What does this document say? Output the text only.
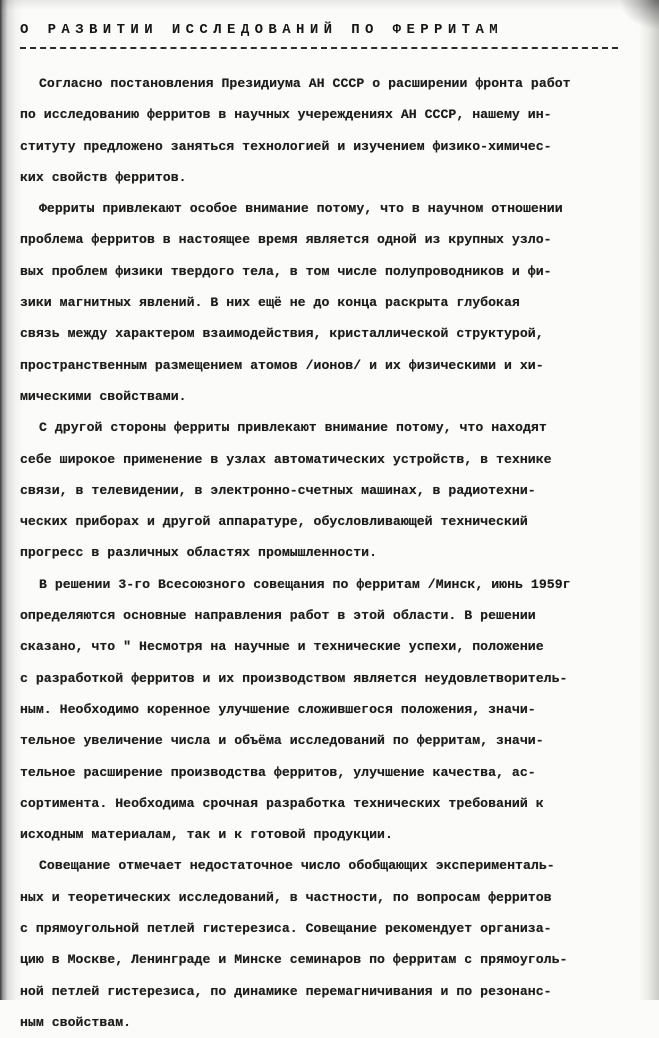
О РАЗВИТИИ ИССЛЕДОВАНИЙ ПО ФЕРРИТАМ
Согласно постановления Президиума АН СССР о расширении фронта работ
по исследованию ферритов в научных учереждениях АН СССР, нашему ин-
ституту предложено заняться технологией и изучением физико-химичес-
ких свойств ферритов.
Ферриты привлекают особое внимание потому, что в научном отношении
проблема ферритов в настоящее время является одной из крупных узло-
вых проблем физики твердого тела, в том числе полупроводников и фи-
зики магнитных явлений. В них ещё не до конца раскрыта глубокая
связь между характером взаимодействия, кристаллической структурой,
пространственным размещением атомов /ионов/ и их физическими и хи-
мическими свойствами.
С другой стороны ферриты привлекают внимание потому, что находят
себе широкое применение в узлах автоматических устройств, в технике
связи, в телевидении, в электронно-счетных машинах, в радиотехни-
ческих приборах и другой аппаратуре, обусловливающей технический
прогресс в различных областях промышленности.
В решении 3-го Всесоюзного совещания по ферритам /Минск, июнь 1959г
определяются основные направления работ в этой области. В решении
сказано, что " Несмотря на научные и технические успехи, положение
с разработкой ферритов и их производством является неудовлетворитель-
ным. Необходимо коренное улучшение сложившегося положения, значи-
тельное увеличение числа и объёма исследований по ферритам, значи-
тельное расширение производства ферритов, улучшение качества, ас-
сортимента. Необходима срочная разработка технических требований к
исходным материалам, так и к готовой продукции.
Совещание отмечает недостаточное число обобщающих эксперименталь-
ных и теоретических исследований, в частности, по вопросам ферритов
с прямоугольной петлей гистерезиса. Совещание рекомендует организа-
цию в Москве, Ленинграде и Минске семинаров по ферритам с прямоуголь-
ной петлей гистерезиса, по динамике перемагничивания и по резонанс-
ным свойствам.
